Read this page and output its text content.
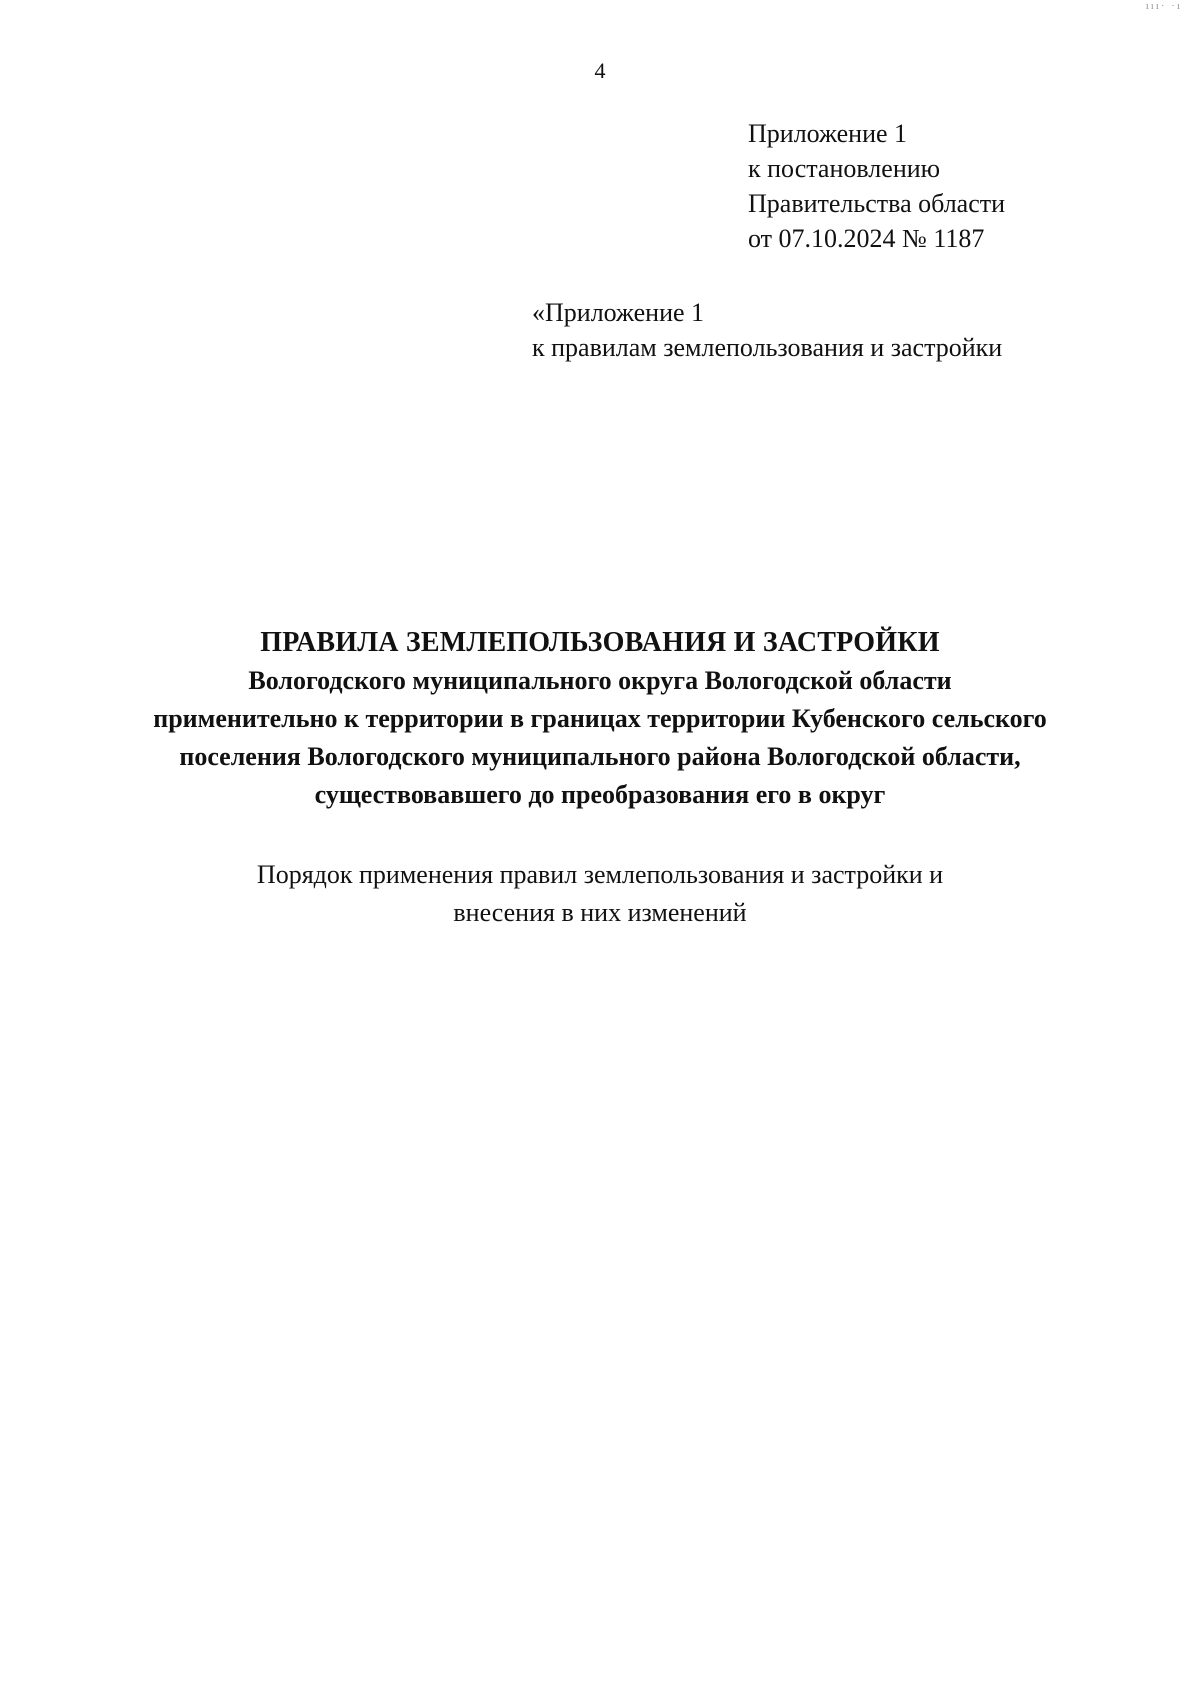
ııı· ·ı
4
Приложение 1
к постановлению
Правительства области
от 07.10.2024 № 1187
«Приложение 1
к правилам землепользования и застройки
ПРАВИЛА ЗЕМЛЕПОЛЬЗОВАНИЯ И ЗАСТРОЙКИ
Вологодского муниципального округа Вологодской области
применительно к территории в границах территории Кубенского сельского
поселения Вологодского муниципального района Вологодской области,
существовавшего до преобразования его в округ
Порядок применения правил землепользования и застройки и
внесения в них изменений
